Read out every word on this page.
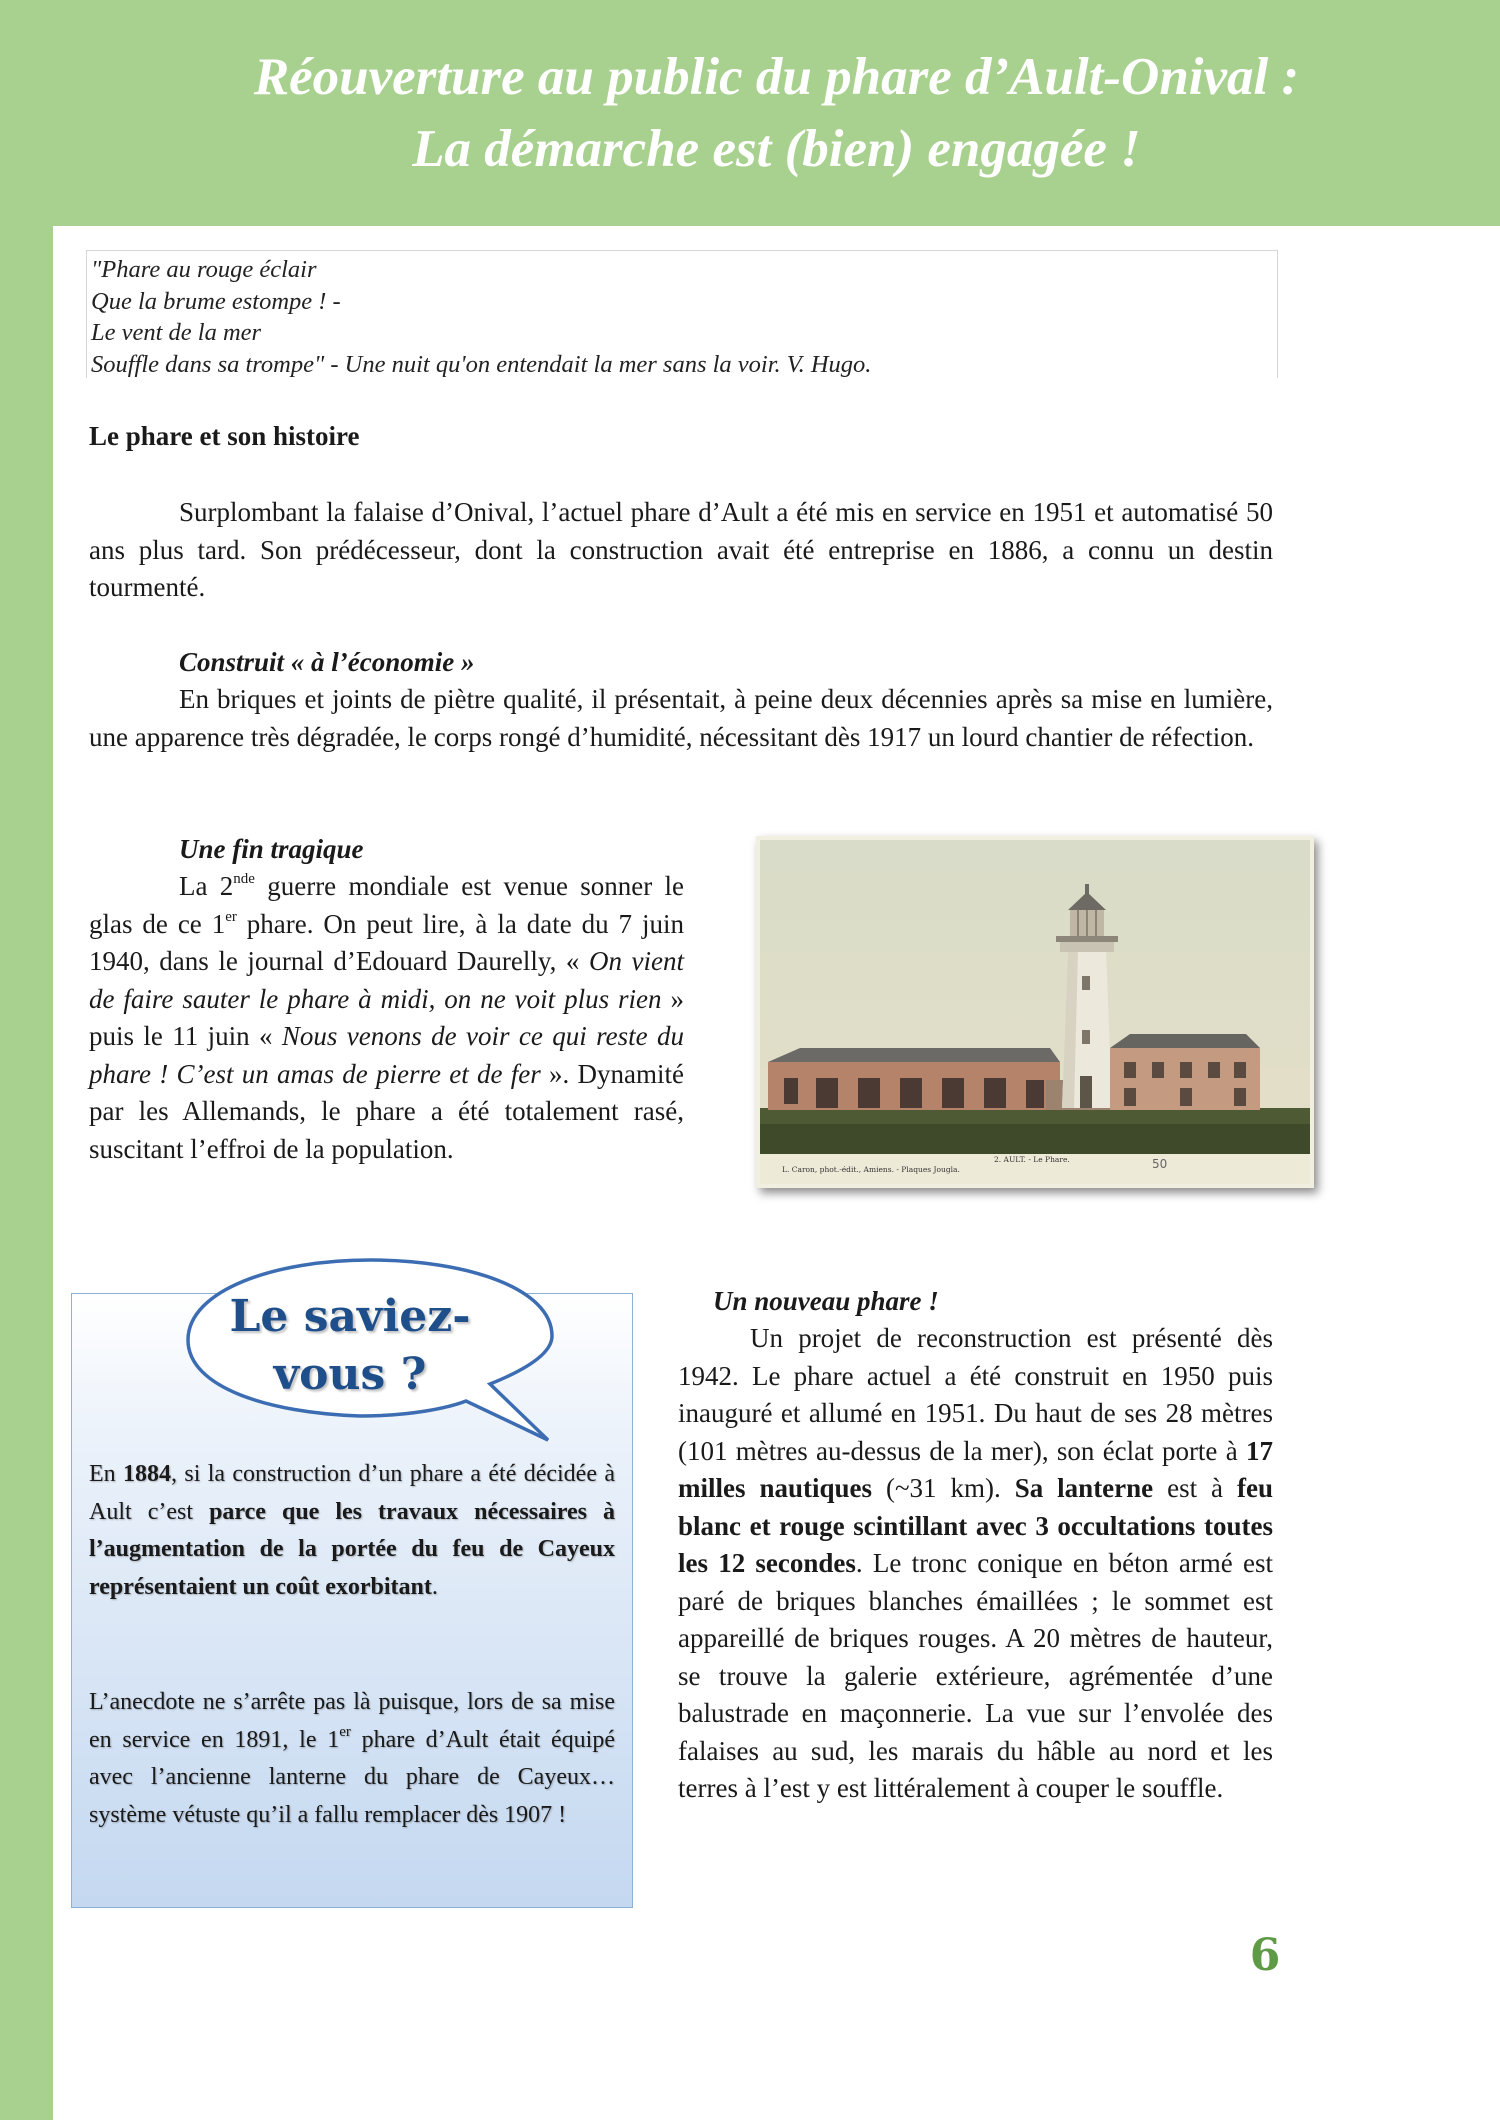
Réouverture au public du phare d’Ault-Onival :
La démarche est (bien) engagée !
"Phare au rouge éclair
Que la brume estompe ! -
Le vent de la mer
Souffle dans sa trompe" - Une nuit qu'on entendait la mer sans la voir. V. Hugo.
Le phare et son histoire

Surplombant la falaise d’Onival, l’actuel phare d’Ault a été mis en service en 1951 et automatisé 50 ans plus tard. Son prédécesseur, dont la construction avait été entreprise en 1886, a connu un destin tourmenté.

Construit « à l’économie »

En briques et joints de piètre qualité, il présentait, à peine deux décennies après sa mise en lumière, une apparence très dégradée, le corps rongé d’humidité, nécessitant dès 1917 un lourd chantier de réfection.

Une fin tragique

La 2nde guerre mondiale est venue sonner le glas de ce 1er phare. On peut lire, à la date du 7 juin 1940, dans le journal d’Edouard Daurelly, « On vient de faire sauter le phare à midi, on ne voit plus rien » puis le 11 juin « Nous venons de voir ce qui reste du phare ! C’est un amas de pierre et de fer ». Dynamité par les Allemands, le phare a été totalement rasé, suscitant l’effroi de la population.

L. Caron, phot.-édit., Amiens. - Plaques Jougla.
2. AULT. - Le Phare.	50
Le saviez-
vous ?

En 1884, si la construction d’un phare a été décidée à Ault c’est parce que les travaux nécessaires à l’augmentation de la portée du feu de Cayeux représentaient un coût exorbitant.

L’anecdote ne s’arrête pas là puisque, lors de sa mise en service en 1891, le 1er phare d’Ault était équipé avec l’ancienne lanterne du phare de Cayeux… système vétuste qu’il a fallu remplacer dès 1907 !

Un nouveau phare !

Un projet de reconstruction est présenté dès 1942. Le phare actuel a été construit en 1950 puis inauguré et allumé en 1951. Du haut de ses 28 mètres (101 mètres au-dessus de la mer), son éclat porte à 17 milles nautiques (~31 km). Sa lanterne est à feu blanc et rouge scintillant avec 3 occultations toutes les 12 secondes. Le tronc conique en béton armé est paré de briques blanches émaillées ; le sommet est appareillé de briques rouges. A 20 mètres de hauteur, se trouve la galerie extérieure, agrémentée d’une balustrade en maçonnerie. La vue sur l’envolée des falaises au sud, les marais du hâble au nord et les terres à l’est y est littéralement à couper le souffle.

6
